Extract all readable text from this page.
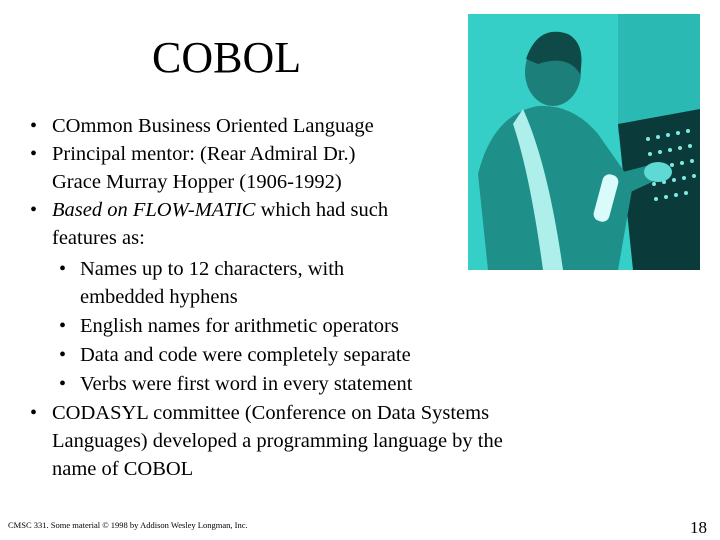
COBOL
• COmmon Business Oriented Language
• Principal mentor: (Rear Admiral Dr.)
Grace Murray Hopper (1906-1992)
• Based on FLOW-MATIC which had such
features as:
• Names up to 12 characters, with
embedded hyphens
• English names for arithmetic operators
• Data and code were completely separate
• Verbs were first word in every statement
• CODASYL committee (Conference on Data Systems
Languages) developed a programming language by the
name of COBOL
CMSC 331. Some material © 1998 by Addison Wesley Longman, Inc.	18
